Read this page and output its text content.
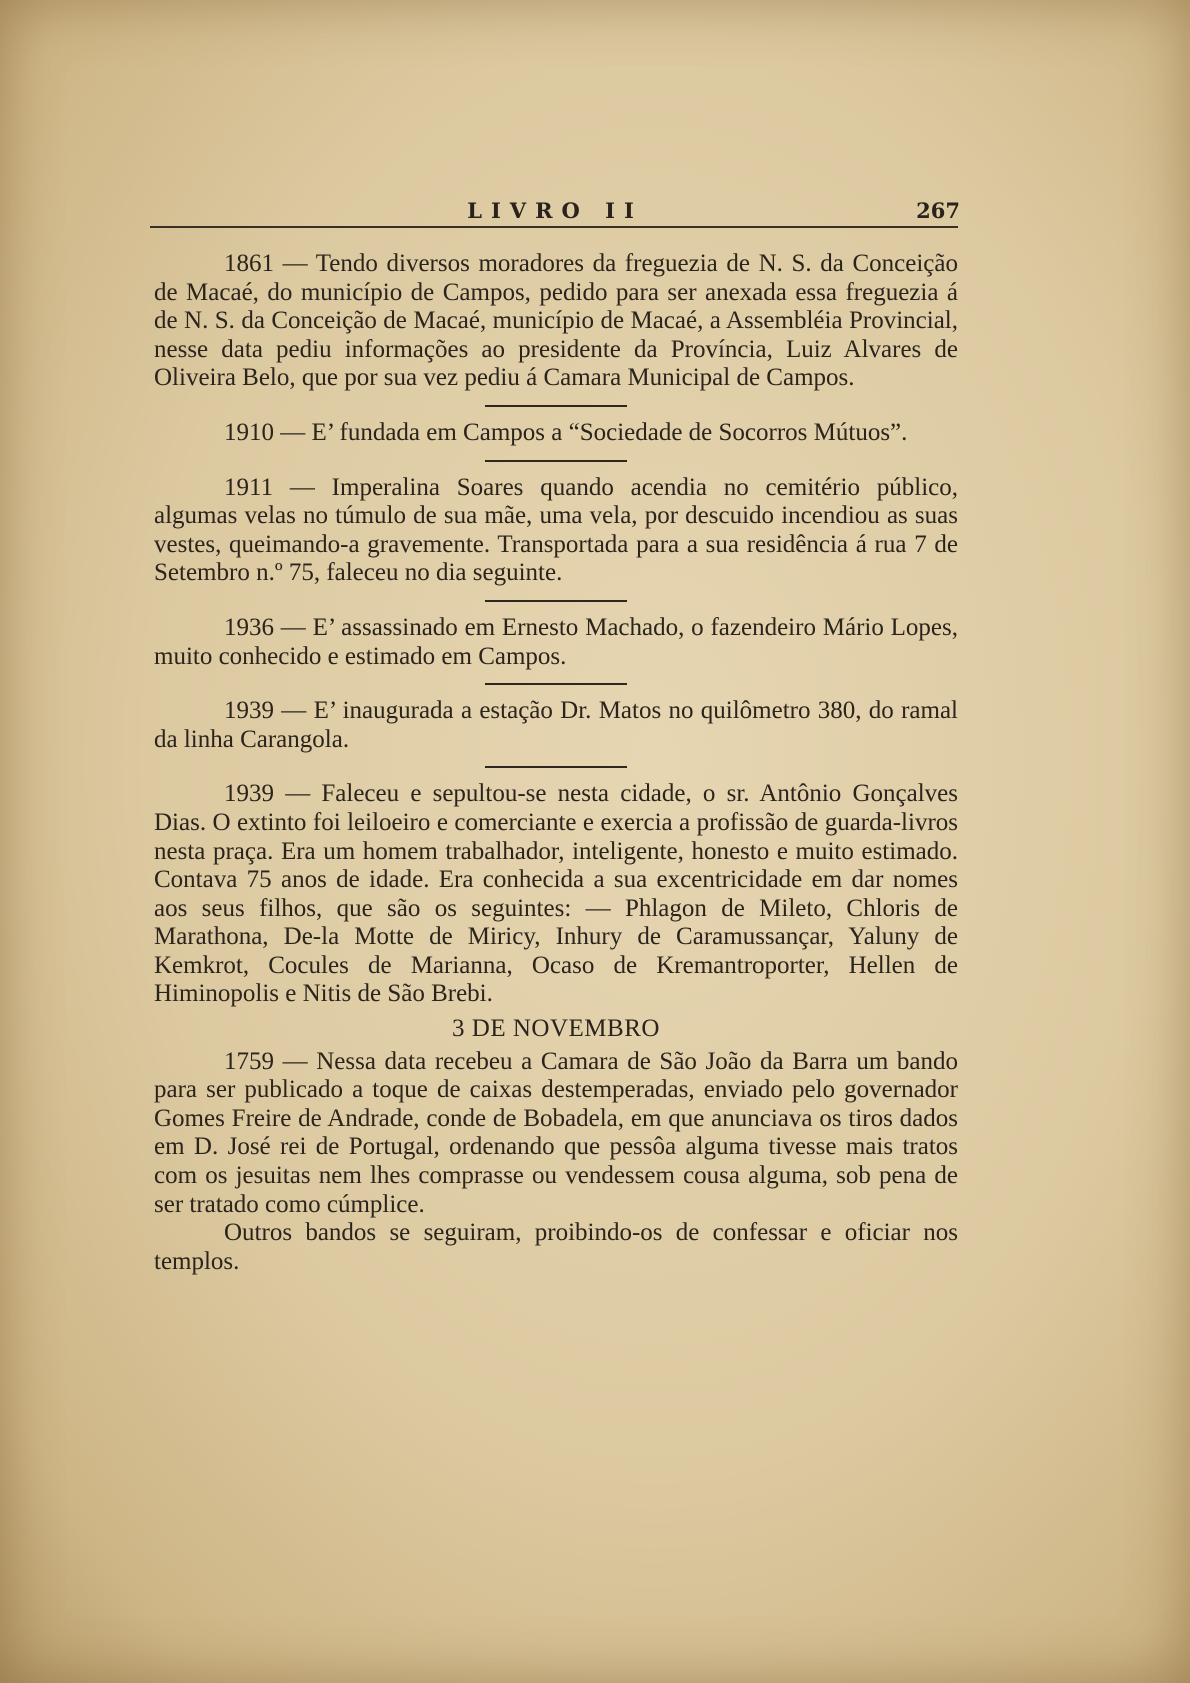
LIVRO II	267

1861 — Tendo diversos moradores da freguezia de N. S. da Conceição de Macaé, do município de Campos, pedido para ser anexada essa freguezia á de N. S. da Conceição de Macaé, município de Macaé, a Assembléia Provincial, nesse data pediu informações ao presidente da Província, Luiz Alvares de Oliveira Belo, que por sua vez pediu á Camara Municipal de Campos.

1910 — E’ fundada em Campos a “Sociedade de Socorros Mútuos”.

1911 — Imperalina Soares quando acendia no cemitério público, algumas velas no túmulo de sua mãe, uma vela, por descuido incendiou as suas vestes, queimando-a gravemente. Transportada para a sua residência á rua 7 de Setembro n.º 75, faleceu no dia seguinte.

1936 — E’ assassinado em Ernesto Machado, o fazendeiro Mário Lopes, muito conhecido e estimado em Campos.

1939 — E’ inaugurada a estação Dr. Matos no quilômetro 380, do ramal da linha Carangola.

1939 — Faleceu e sepultou-se nesta cidade, o sr. Antônio Gonçalves Dias. O extinto foi leiloeiro e comerciante e exercia a profissão de guarda-livros nesta praça. Era um homem trabalhador, inteligente, honesto e muito estimado. Contava 75 anos de idade. Era conhecida a sua excentricidade em dar nomes aos seus filhos, que são os seguintes: — Phlagon de Mileto, Chloris de Marathona, De-la Motte de Miricy, Inhury de Caramussançar, Yaluny de Kemkrot, Cocules de Marianna, Ocaso de Kremantroporter, Hellen de Himinopolis e Nitis de São Brebi.

3 DE NOVEMBRO

1759 — Nessa data recebeu a Camara de São João da Barra um bando para ser publicado a toque de caixas destemperadas, enviado pelo governador Gomes Freire de Andrade, conde de Bobadela, em que anunciava os tiros dados em D. José rei de Portugal, ordenando que pessôa alguma tivesse mais tratos com os jesuitas nem lhes comprasse ou vendessem cousa alguma, sob pena de ser tratado como cúmplice.

Outros bandos se seguiram, proibindo-os de confessar e oficiar nos templos.
